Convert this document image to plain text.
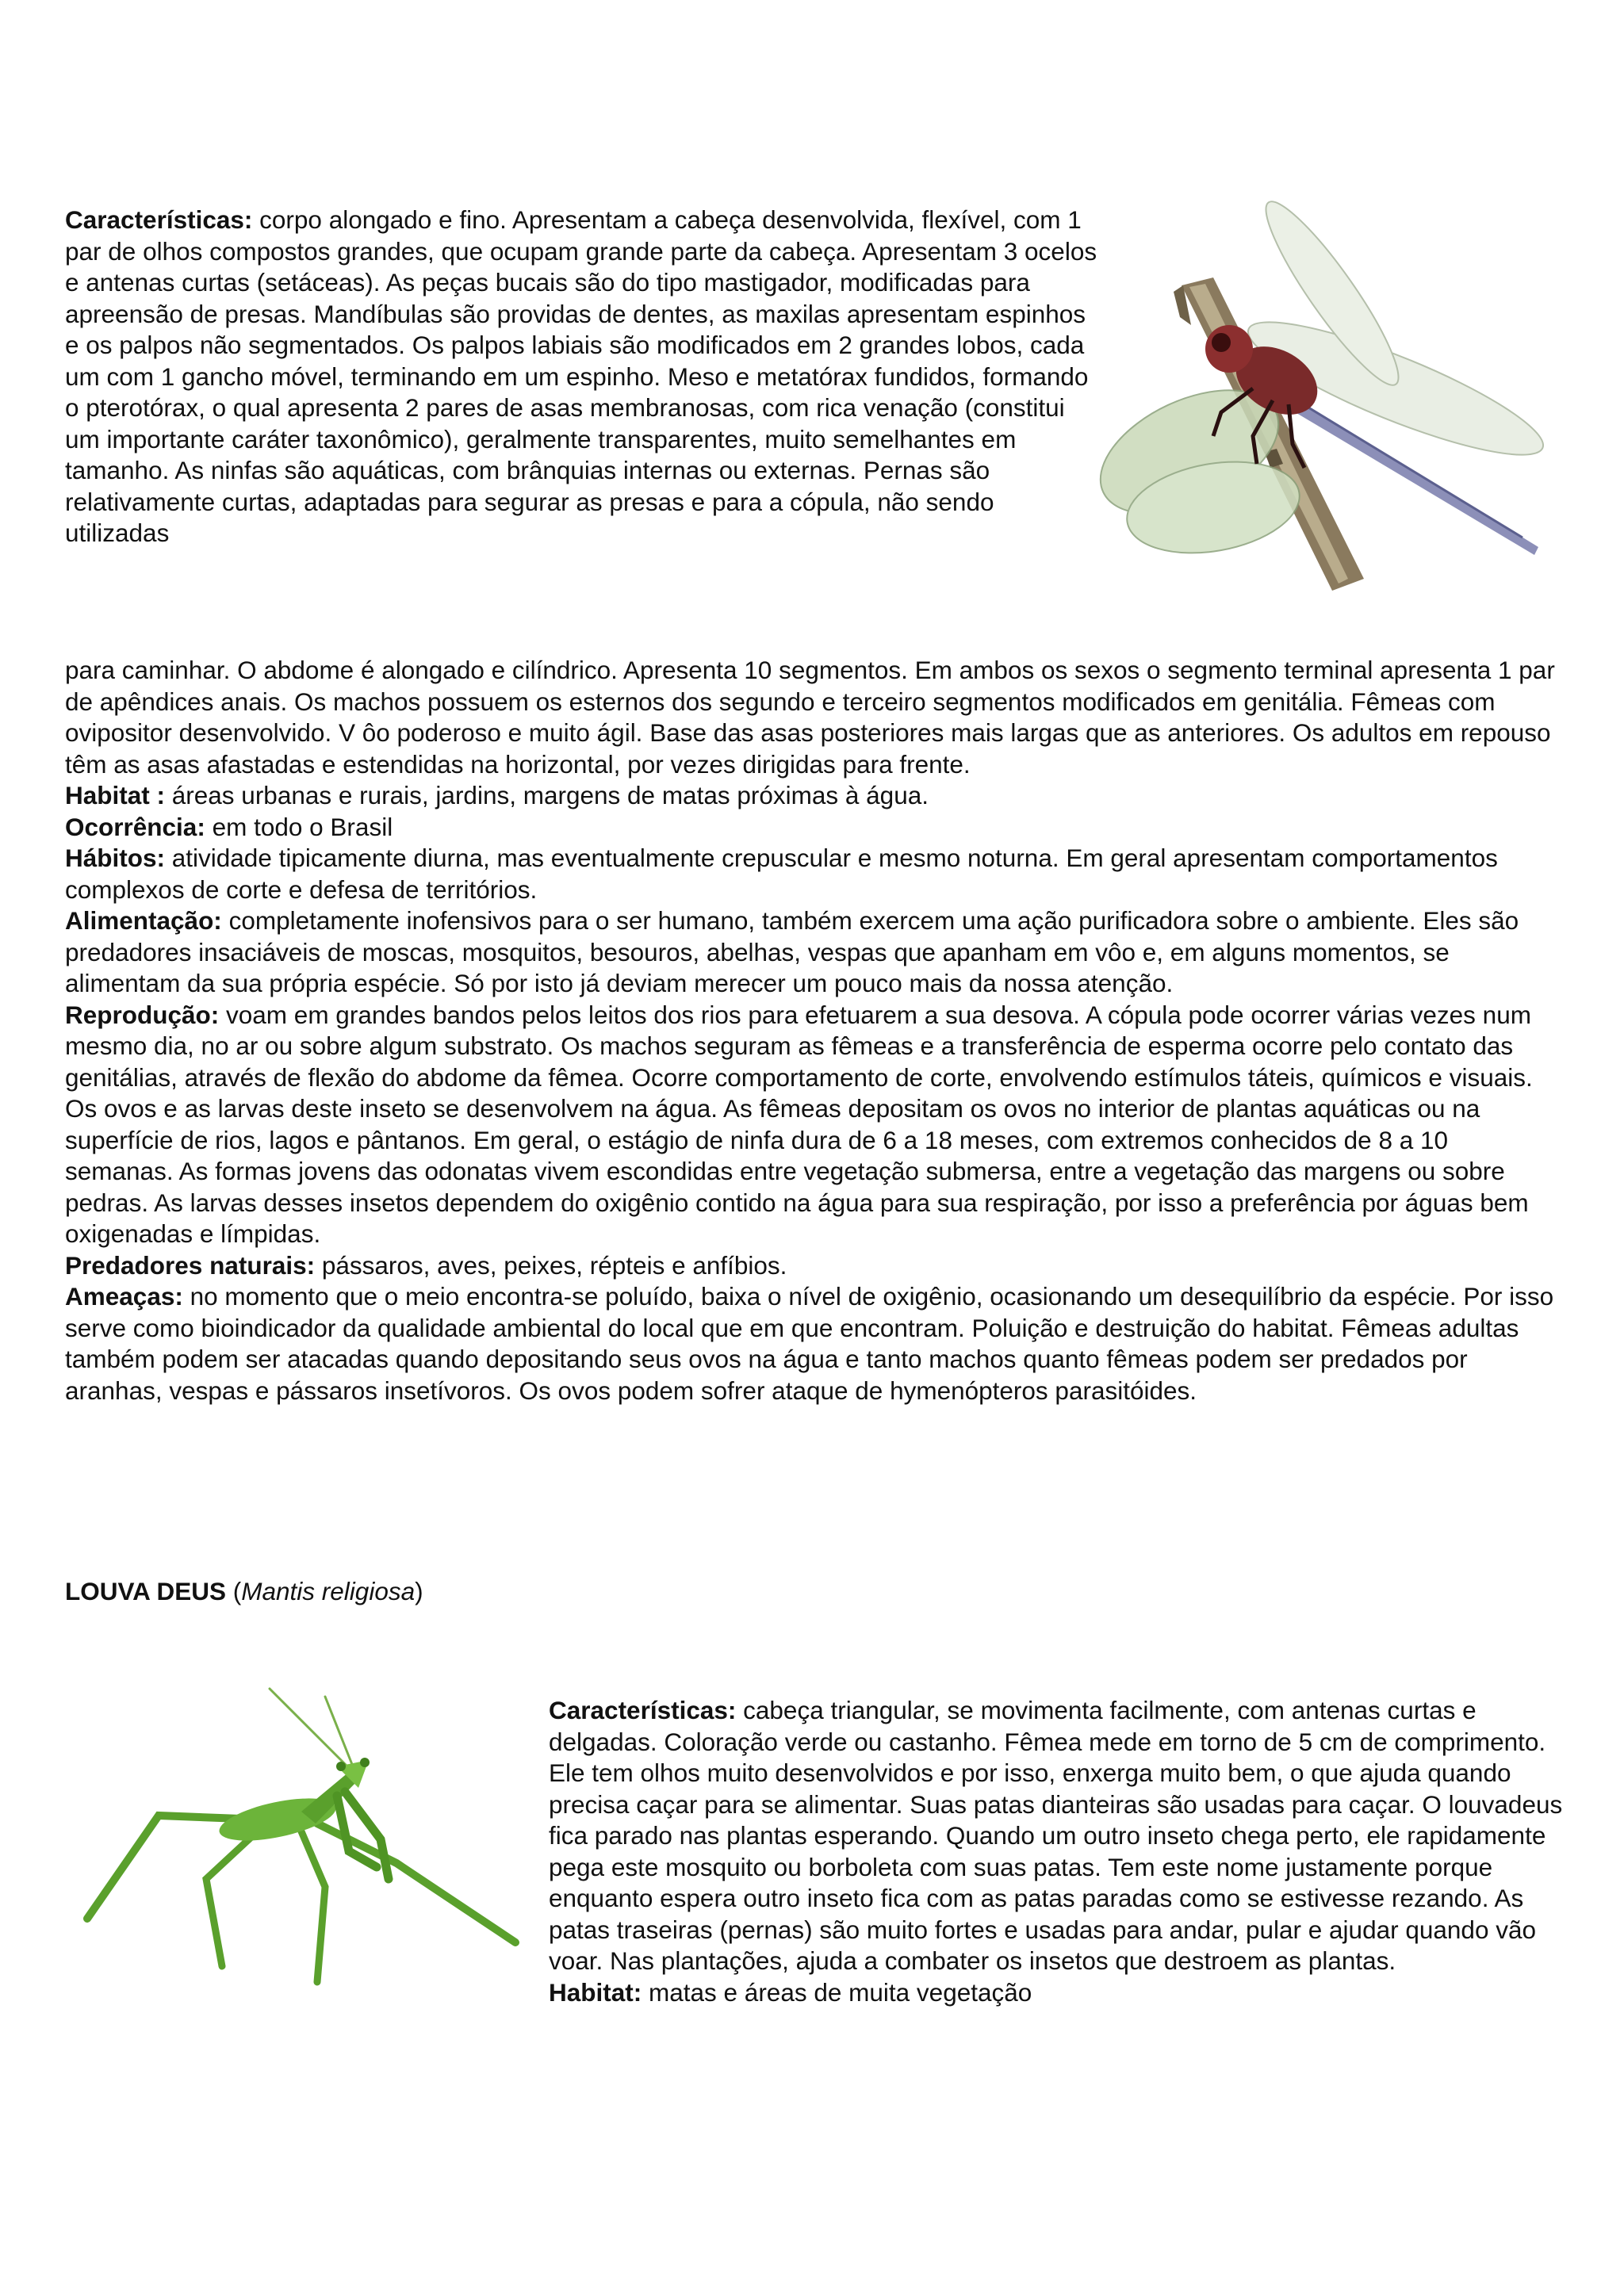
Características: corpo alongado e fino. Apresentam a cabeça desenvolvida, flexível, com 1 par de olhos compostos grandes, que ocupam grande parte da cabeça. Apresentam 3 ocelos e antenas curtas (setáceas). As peças bucais são do tipo mastigador, modificadas para apreensão de presas. Mandíbulas são providas de dentes, as maxilas apresentam espinhos e os palpos não segmentados. Os palpos labiais são modificados em 2 grandes lobos, cada um com 1 gancho móvel, terminando em um espinho. Meso e metatórax fundidos, formando o pterotórax, o qual apresenta 2 pares de asas membranosas, com rica venação (constitui um importante caráter taxonômico), geralmente transparentes, muito semelhantes em tamanho. As ninfas são aquáticas, com brânquias internas ou externas. Pernas são relativamente curtas, adaptadas para segurar as presas e para a cópula, não sendo utilizadas

para caminhar. O abdome é alongado e cilíndrico. Apresenta 10 segmentos. Em ambos os sexos o segmento terminal apresenta 1 par de apêndices anais. Os machos possuem os esternos dos segundo e terceiro segmentos modificados em genitália. Fêmeas com ovipositor desenvolvido. V ôo poderoso e muito ágil. Base das asas posteriores mais largas que as anteriores. Os adultos em repouso têm as asas afastadas e estendidas na horizontal, por vezes dirigidas para frente.

Habitat : áreas urbanas e rurais, jardins, margens de matas próximas à água.

Ocorrência: em todo o Brasil

Hábitos: atividade tipicamente diurna, mas eventualmente crepuscular e mesmo noturna. Em geral apresentam comportamentos complexos de corte e defesa de territórios.

Alimentação: completamente inofensivos para o ser humano, também exercem uma ação purificadora sobre o ambiente. Eles são predadores insaciáveis de moscas, mosquitos, besouros, abelhas, vespas que apanham em vôo e, em alguns momentos, se alimentam da sua própria espécie. Só por isto já deviam merecer um pouco mais da nossa atenção.

Reprodução: voam em grandes bandos pelos leitos dos rios para efetuarem a sua desova. A cópula pode ocorrer várias vezes num mesmo dia, no ar ou sobre algum substrato. Os machos seguram as fêmeas e a transferência de esperma ocorre pelo contato das genitálias, através de flexão do abdome da fêmea. Ocorre comportamento de corte, envolvendo estímulos táteis, químicos e visuais. Os ovos e as larvas deste inseto se desenvolvem na água. As fêmeas depositam os ovos no interior de plantas aquáticas ou na superfície de rios, lagos e pântanos. Em geral, o estágio de ninfa dura de 6 a 18 meses, com extremos conhecidos de 8 a 10 semanas. As formas jovens das odonatas vivem escondidas entre vegetação submersa, entre a vegetação das margens ou sobre pedras. As larvas desses insetos dependem do oxigênio contido na água para sua respiração, por isso a preferência por águas bem oxigenadas e límpidas.

Predadores naturais: pássaros, aves, peixes, répteis e anfíbios.

Ameaças: no momento que o meio encontra-se poluído, baixa o nível de oxigênio, ocasionando um desequilíbrio da espécie. Por isso serve como bioindicador da qualidade ambiental do local que em que encontram. Poluição e destruição do habitat. Fêmeas adultas também podem ser atacadas quando depositando seus ovos na água e tanto machos quanto fêmeas podem ser predados por aranhas, vespas e pássaros insetívoros. Os ovos podem sofrer ataque de hymenópteros parasitóides.

LOUVA DEUS (Mantis religiosa)

Características: cabeça triangular, se movimenta facilmente, com antenas curtas e delgadas. Coloração verde ou castanho. Fêmea mede em torno de 5 cm de comprimento. Ele tem olhos muito desenvolvidos e por isso, enxerga muito bem, o que ajuda quando precisa caçar para se alimentar. Suas patas dianteiras são usadas para caçar. O louvadeus fica parado nas plantas esperando. Quando um outro inseto chega perto, ele rapidamente pega este mosquito ou borboleta com suas patas. Tem este nome justamente porque enquanto espera outro inseto fica com as patas paradas como se estivesse rezando. As patas traseiras (pernas) são muito fortes e usadas para andar, pular e ajudar quando vão voar. Nas plantações, ajuda a combater os insetos que destroem as plantas.

Habitat: matas e áreas de muita vegetação
